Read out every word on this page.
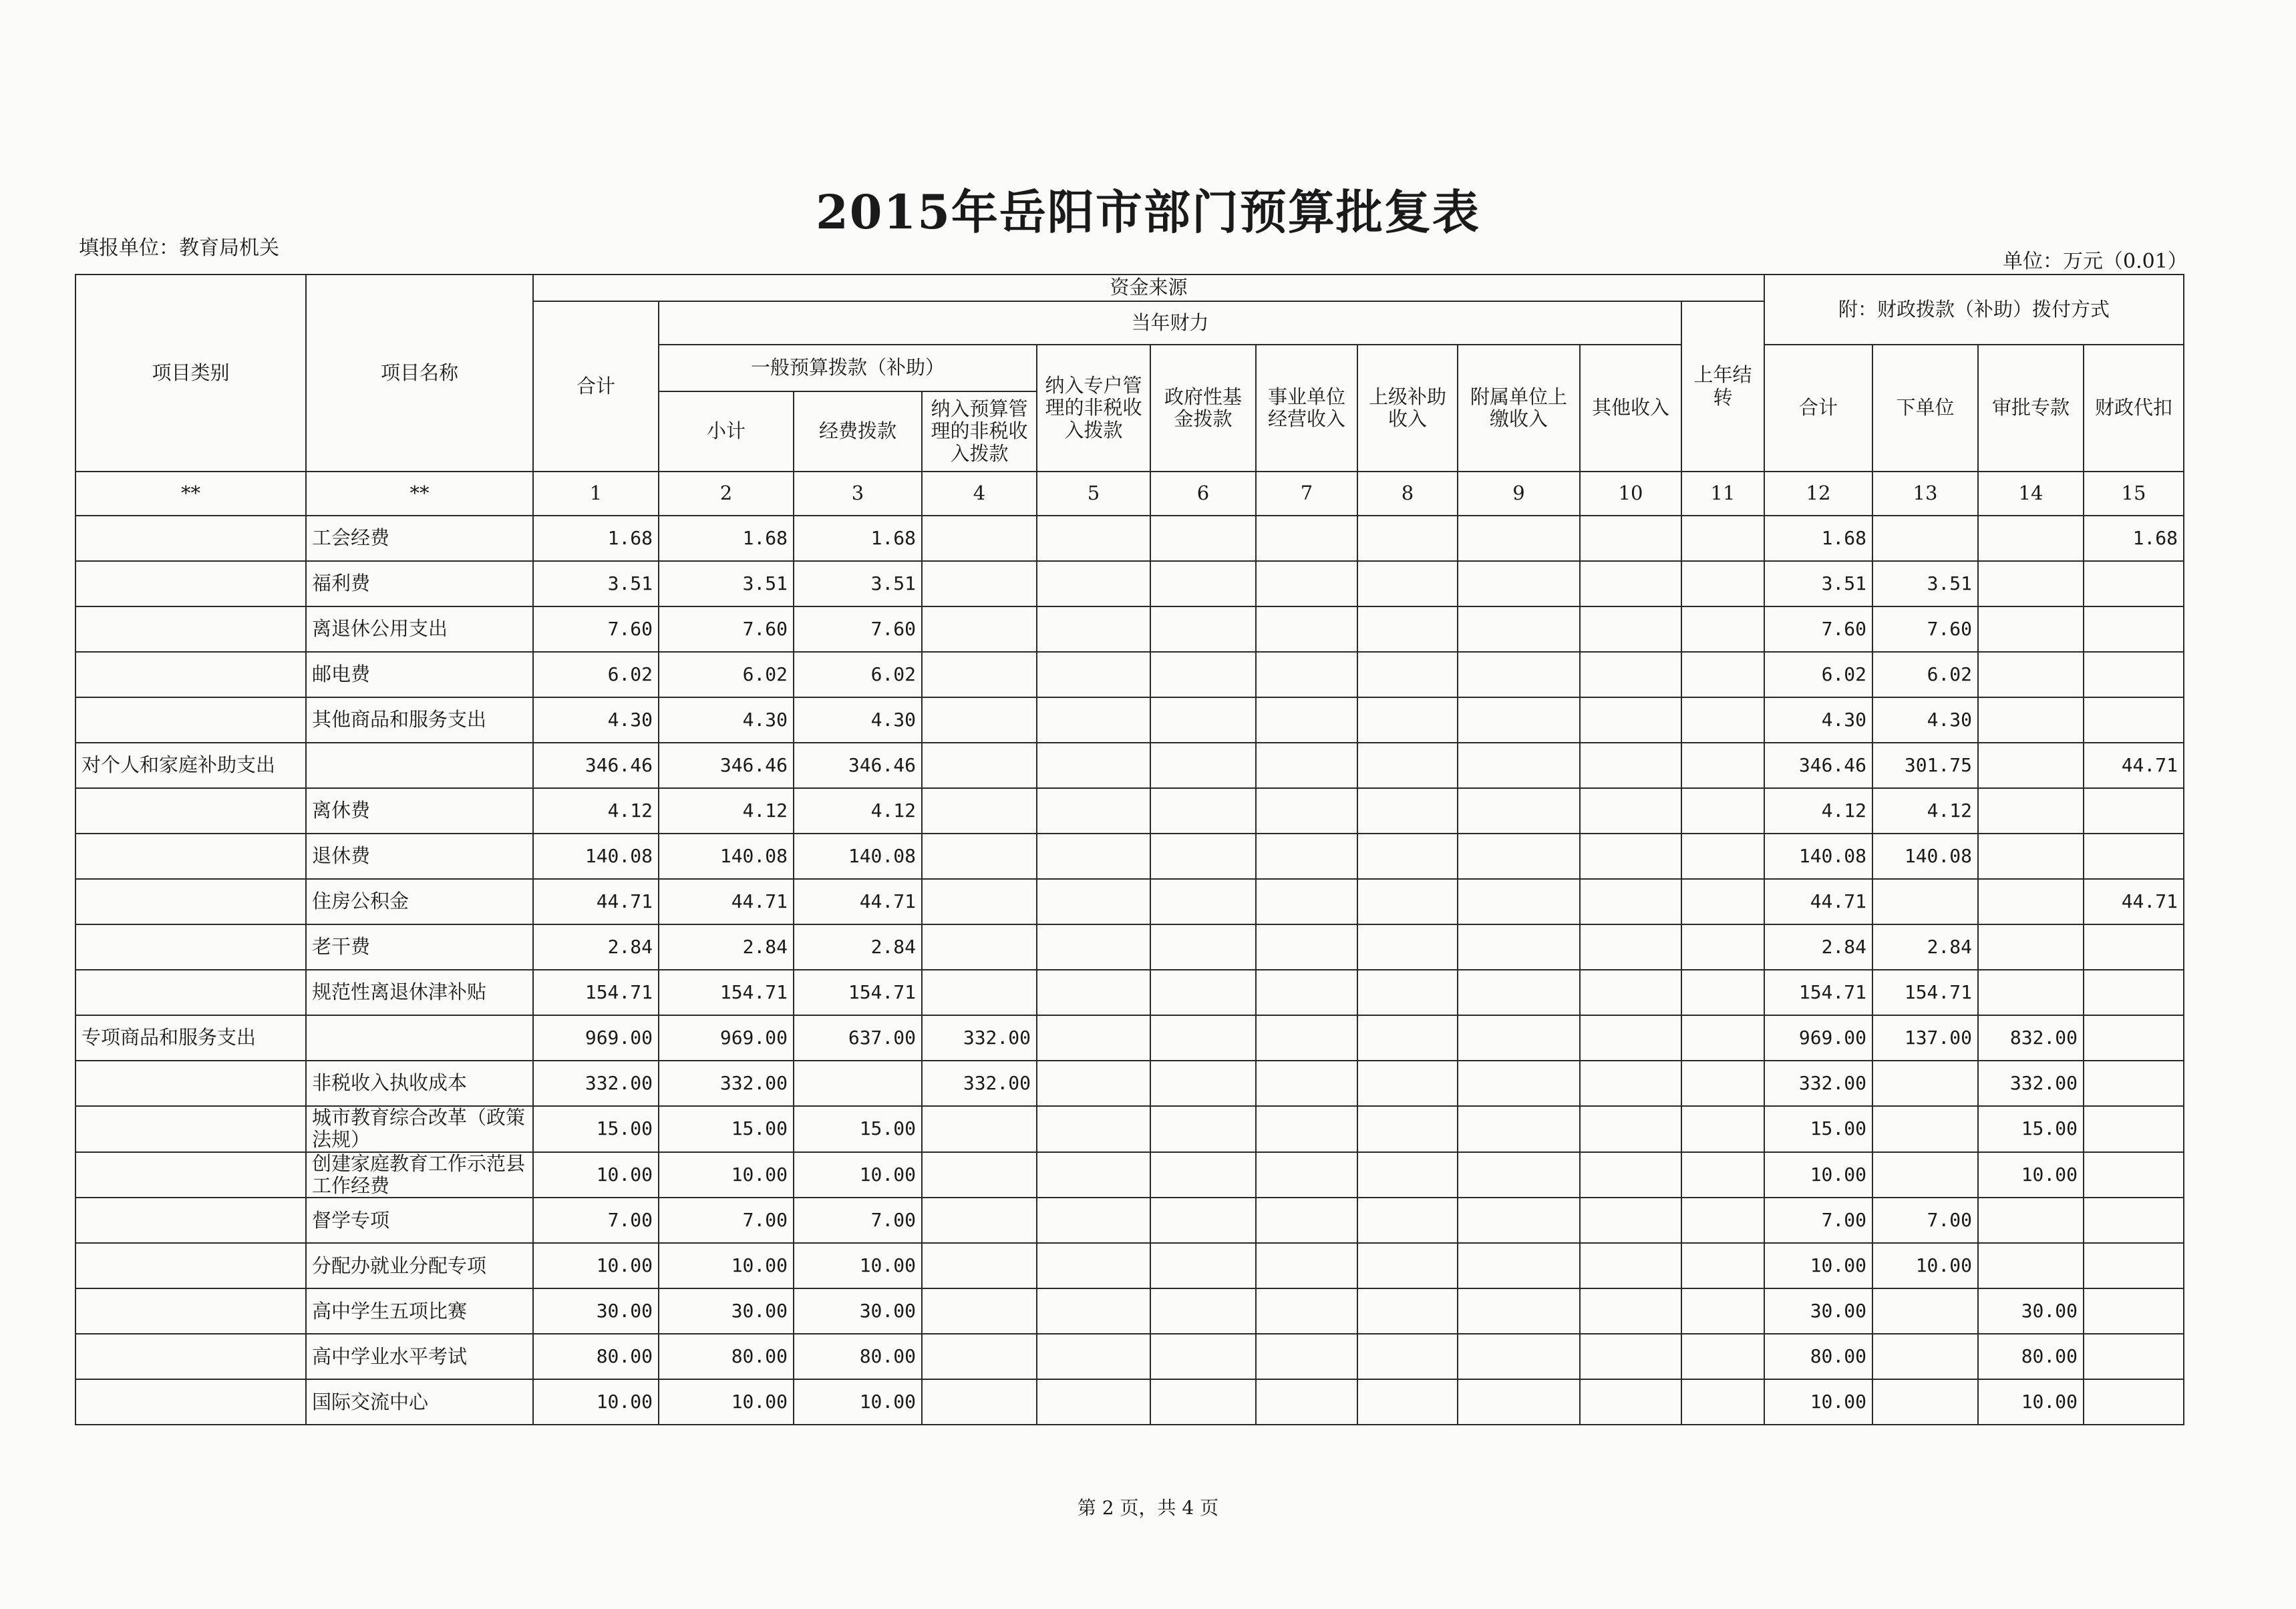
2015年岳阳市部门预算批复表
填报单位：教育局机关
单位：万元（0.01）
项目类别	项目名称	资金来源											附：财政拨款（补助）拨付方式			
		合计	当年财力									上年结转				
			一般预算拨款（补助）			纳入专户管理的非税收入拨款	政府性基金拨款	事业单位经营收入	上级补助收入	附属单位上缴收入	其他收入		合计	下单位	审批专款	财政代扣
			小计	经费拨款	纳入预算管理的非税收入拨款											

**	**	1	2	3	4	5	6	7	8	9	10	11	12	13	14	15
	工会经费	1.68	1.68	1.68									1.68			1.68
	福利费	3.51	3.51	3.51									3.51	3.51		
	离退休公用支出	7.60	7.60	7.60									7.60	7.60		
	邮电费	6.02	6.02	6.02									6.02	6.02		
	其他商品和服务支出	4.30	4.30	4.30									4.30	4.30		
对个人和家庭补助支出		346.46	346.46	346.46									346.46	301.75		44.71
	离休费	4.12	4.12	4.12									4.12	4.12		
	退休费	140.08	140.08	140.08									140.08	140.08		
	住房公积金	44.71	44.71	44.71									44.71			44.71
	老干费	2.84	2.84	2.84									2.84	2.84		
	规范性离退休津补贴	154.71	154.71	154.71									154.71	154.71		
专项商品和服务支出		969.00	969.00	637.00	332.00								969.00	137.00	832.00	
	非税收入执收成本	332.00	332.00		332.00								332.00		332.00	
	城市教育综合改革（政策法规）	15.00	15.00	15.00									15.00		15.00	
	创建家庭教育工作示范县工作经费	10.00	10.00	10.00									10.00		10.00	
	督学专项	7.00	7.00	7.00									7.00	7.00		
	分配办就业分配专项	10.00	10.00	10.00									10.00	10.00		
	高中学生五项比赛	30.00	30.00	30.00									30.00		30.00	
	高中学业水平考试	80.00	80.00	80.00									80.00		80.00	
	国际交流中心	10.00	10.00	10.00									10.00		10.00	
第 2 页，共 4 页
